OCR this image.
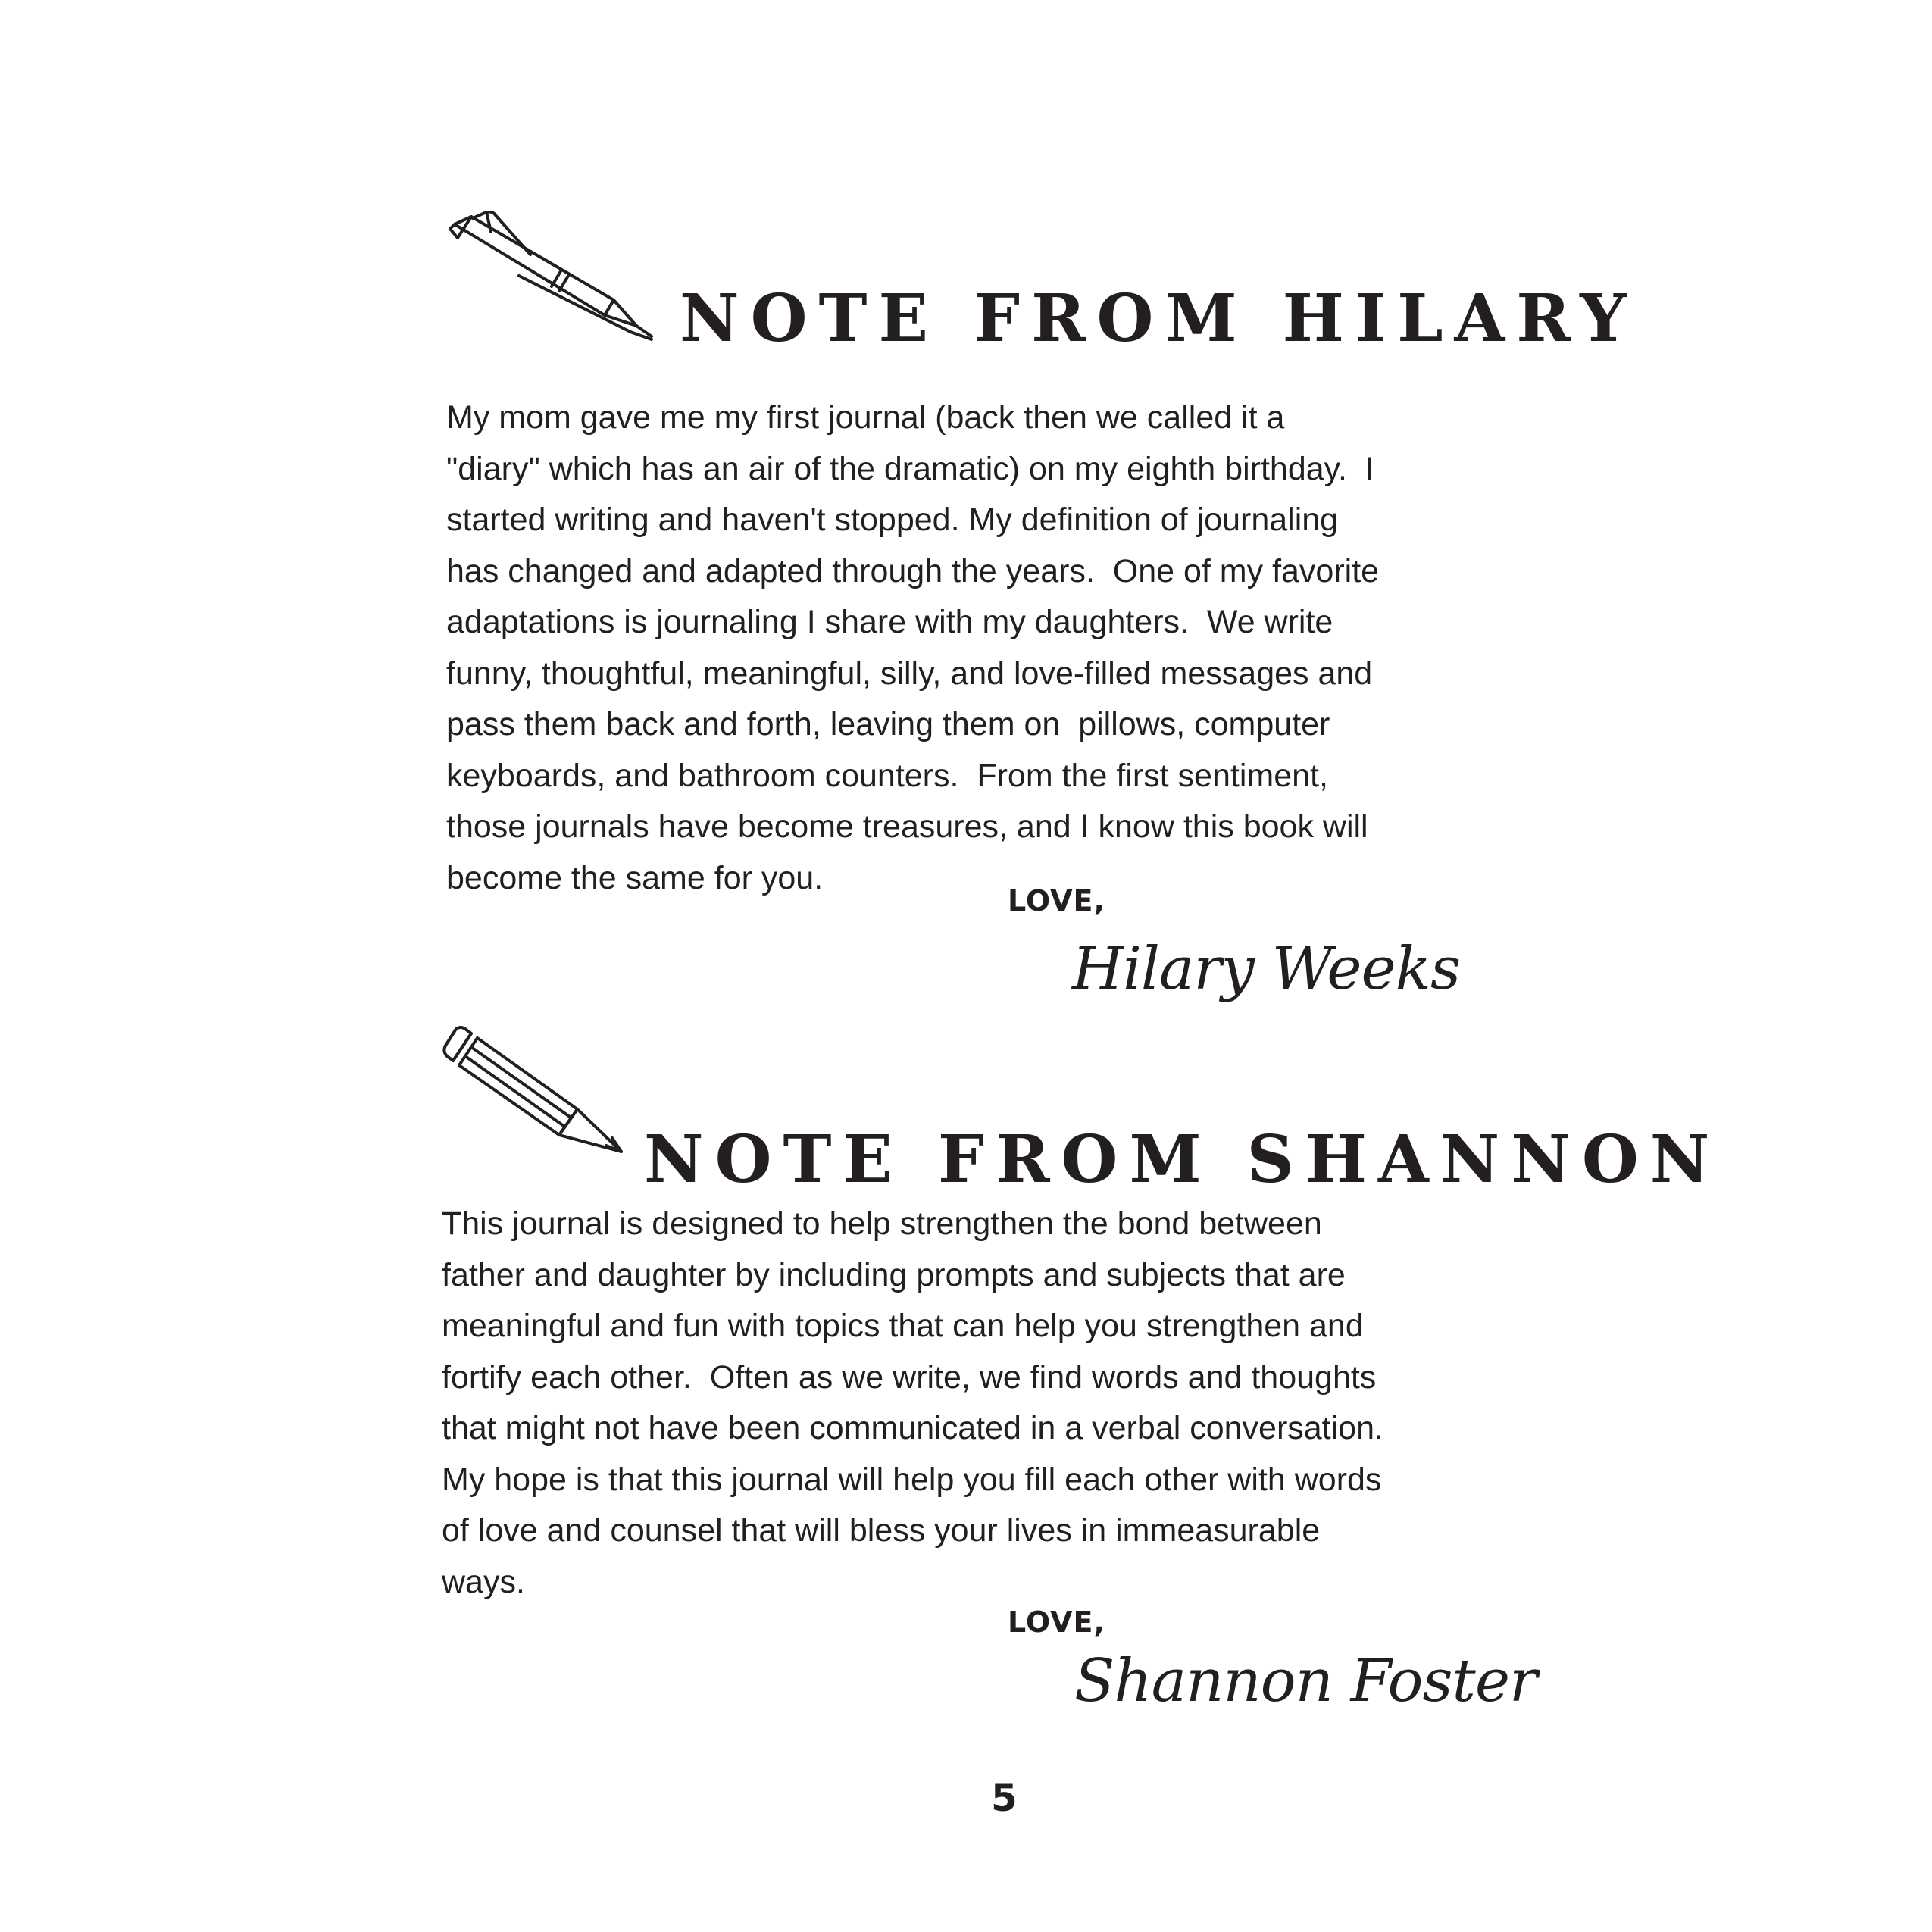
NOTE FROM HILARY
My mom gave me my first journal (back then we called it a
"diary" which has an air of the dramatic) on my eighth birthday.  I
started writing and haven't stopped. My definition of journaling
has changed and adapted through the years.  One of my favorite
adaptations is journaling I share with my daughters.  We write
funny, thoughtful, meaningful, silly, and love-filled messages and
pass them back and forth, leaving them on  pillows, computer
keyboards, and bathroom counters.  From the first sentiment,
those journals have become treasures, and I know this book will
become the same for you.
LOVE,
Hilary Weeks
NOTE FROM SHANNON
This journal is designed to help strengthen the bond between
father and daughter by including prompts and subjects that are
meaningful and fun with topics that can help you strengthen and
fortify each other.  Often as we write, we find words and thoughts
that might not have been communicated in a verbal conversation.
My hope is that this journal will help you fill each other with words
of love and counsel that will bless your lives in immeasurable
ways.
LOVE,
Shannon Foster
5
